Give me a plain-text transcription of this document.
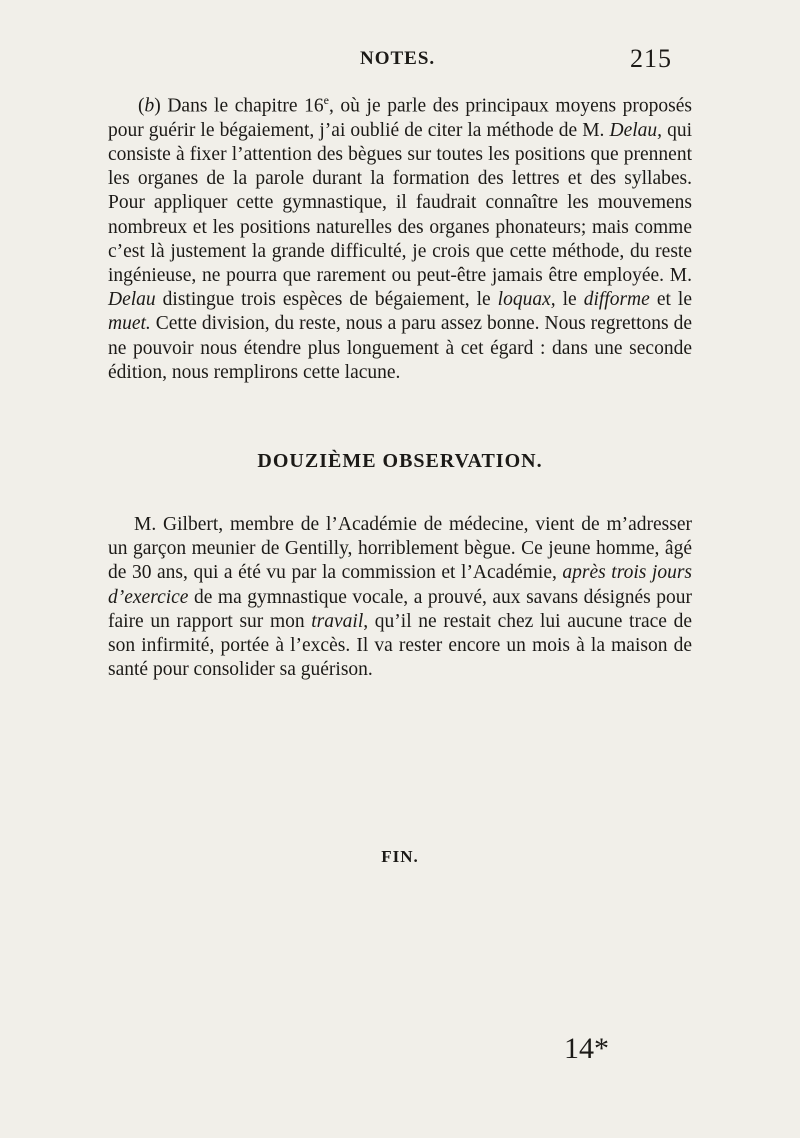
NOTES.	215

(b) Dans le chapitre 16e, où je parle des principaux moyens proposés pour guérir le bégaiement, j’ai oublié de citer la méthode de M. Delau, qui consiste à fixer l’attention des bègues sur toutes les positions que prennent les organes de la parole durant la formation des lettres et des syllabes. Pour appliquer cette gymnastique, il faudrait connaître les mouvemens nombreux et les positions naturelles des organes phonateurs; mais comme c’est là justement la grande difficulté, je crois que cette méthode, du reste ingénieuse, ne pourra que rarement ou peut-être jamais être employée. M. Delau distingue trois espèces de bégaiement, le loquax, le difforme et le muet. Cette division, du reste, nous a paru assez bonne. Nous regrettons de ne pouvoir nous étendre plus longuement à cet égard : dans une seconde édition, nous remplirons cette lacune.

DOUZIÈME OBSERVATION.

M. Gilbert, membre de l’Académie de médecine, vient de m’adresser un garçon meunier de Gentilly, horriblement bègue. Ce jeune homme, âgé de 30 ans, qui a été vu par la commission et l’Académie, après trois jours d’exercice de ma gymnastique vocale, a prouvé, aux savans désignés pour faire un rapport sur mon travail, qu’il ne restait chez lui aucune trace de son infirmité, portée à l’excès. Il va rester encore un mois à la maison de santé pour consolider sa guérison.

FIN.
14*
